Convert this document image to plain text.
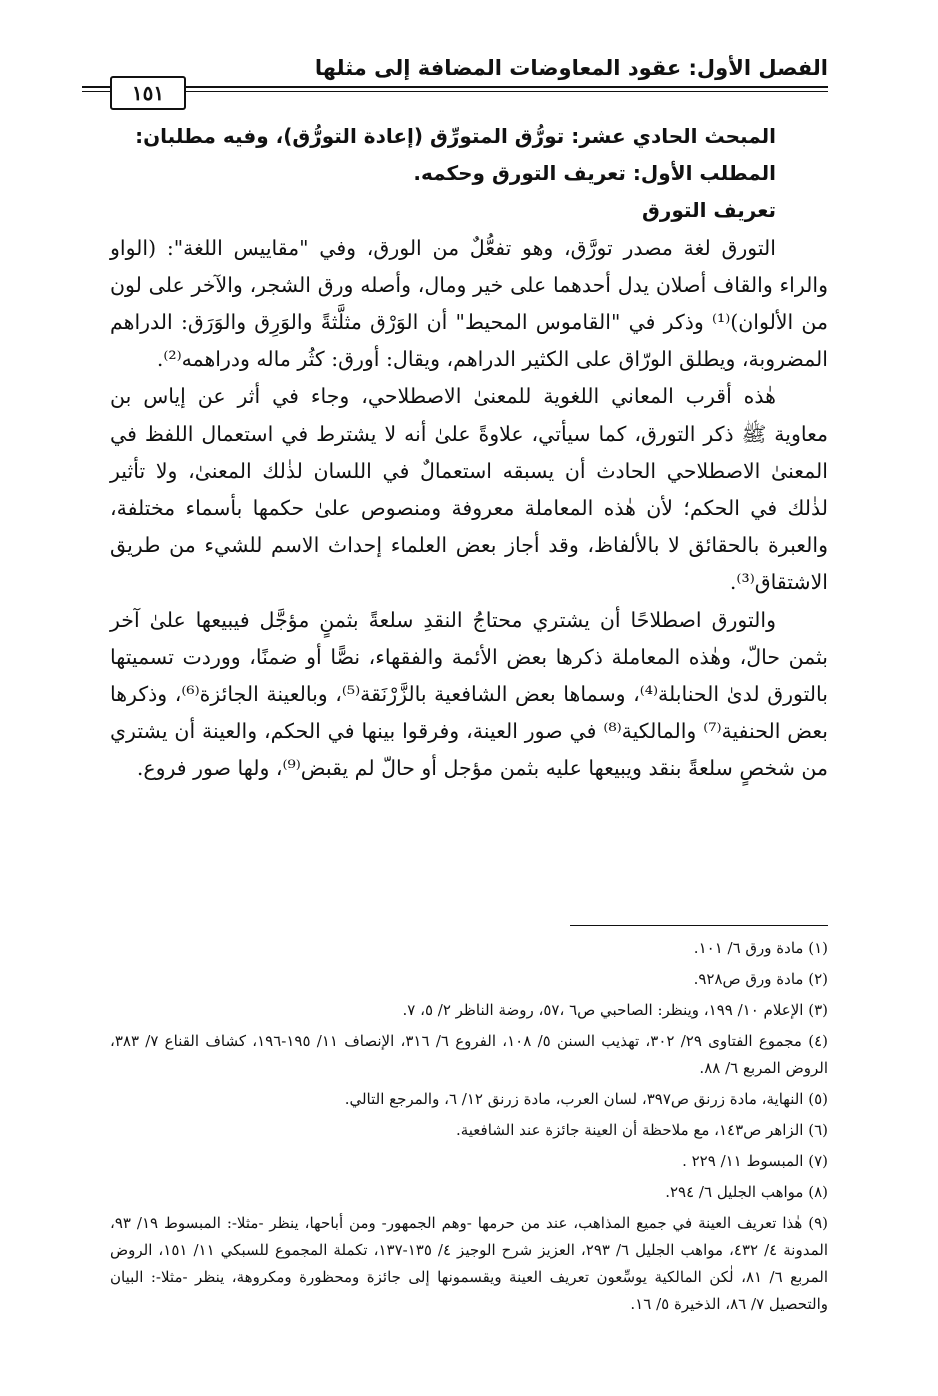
الفصل الأول: عقود المعاوضات المضافة إلى مثلها
١٥١

المبحث الحادي عشر: تورُّق المتورِّق (إعادة التورُّق)، وفيه مطلبان:

المطلب الأول: تعريف التورق وحكمه.

تعريف التورق

التورق لغة مصدر تورَّق، وهو تفعُّلٌ من الورق، وفي "مقاييس اللغة": (الواو والراء والقاف أصلان يدل أحدهما على خير ومال، وأصله ورق الشجر، والآخر على لون من الألوان)⁽¹⁾ وذكر في "القاموس المحيط" أن الوَرْق مثلَّثةً والوَرِق والوَرَق: الدراهم المضروبة، ويطلق الورّاق على الكثير الدراهم، ويقال: أورق: كثُر ماله ودراهمه⁽²⁾.

هٰذه أقرب المعاني اللغوية للمعنىٰ الاصطلاحي، وجاء في أثر عن إياس بن معاوية ﷺ ذكر التورق، كما سيأتي، علاوةً علىٰ أنه لا يشترط في استعمال اللفظ في المعنىٰ الاصطلاحي الحادث أن يسبقه استعمالٌ في اللسان لذٰلك المعنىٰ، ولا تأثير لذٰلك في الحكم؛ لأن هٰذه المعاملة معروفة ومنصوص علىٰ حكمها بأسماء مختلفة، والعبرة بالحقائق لا بالألفاظ، وقد أجاز بعض العلماء إحداث الاسم للشيء من طريق الاشتقاق⁽³⁾.

والتورق اصطلاحًا أن يشتري محتاجُ النقدِ سلعةً بثمنٍ مؤجَّل فيبيعها علىٰ آخر بثمن حالّ، وهٰذه المعاملة ذكرها بعض الأئمة والفقهاء، نصًّا أو ضمنًا، ووردت تسميتها بالتورق لدىٰ الحنابلة⁽⁴⁾، وسماها بعض الشافعية بالزَّرْنَقة⁽⁵⁾، وبالعينة الجائزة⁽⁶⁾، وذكرها بعض الحنفية⁽⁷⁾ والمالكية⁽⁸⁾ في صور العينة، وفرقوا بينها في الحكم، والعينة أن يشتري من شخصٍ سلعةً بنقد ويبيعها عليه بثمن مؤجل أو حالّ لم يقبض⁽⁹⁾، ولها صور فروع.

(١) مادة ورق ٦/ ١٠١.

(٢) مادة ورق ص٩٢٨.

(٣) الإعلام ١٠/ ١٩٩، وينظر: الصاحبي ص٦ ،٥٧، روضة الناظر ٢/ ٥، ٧.

(٤) مجموع الفتاوى ٢٩/ ٣٠٢، تهذيب السنن ٥/ ١٠٨، الفروع ٦/ ٣١٦، الإنصاف ١١/ ١٩٥-١٩٦، كشاف القناع ٧/ ٣٨٣، الروض المربع ٦/ ٨٨.

(٥) النهاية، مادة زرنق ص٣٩٧، لسان العرب، مادة زرنق ١٢/ ٦، والمرجع التالي.

(٦) الزاهر ص١٤٣، مع ملاحظة أن العينة جائزة عند الشافعية.

(٧) المبسوط ١١/ ٢٢٩ .

(٨) مواهب الجليل ٦/ ٢٩٤.

(٩) هٰذا تعريف العينة في جميع المذاهب، عند من حرمها -وهم الجمهور- ومن أباحها، ينظر -مثلا-: المبسوط ١٩/ ٩٣، المدونة ٤/ ٤٣٢، مواهب الجليل ٦/ ٢٩٣، العزيز شرح الوجيز ٤/ ١٣٥-١٣٧، تكملة المجموع للسبكي ١١/ ١٥١، الروض المربع ٦/ ٨١، لٰكن المالكية يوسِّعون تعريف العينة ويقسمونها إلى جائزة ومحظورة ومكروهة، ينظر -مثلا-: البيان والتحصيل ٧/ ٨٦، الذخيرة ٥/ ١٦.
